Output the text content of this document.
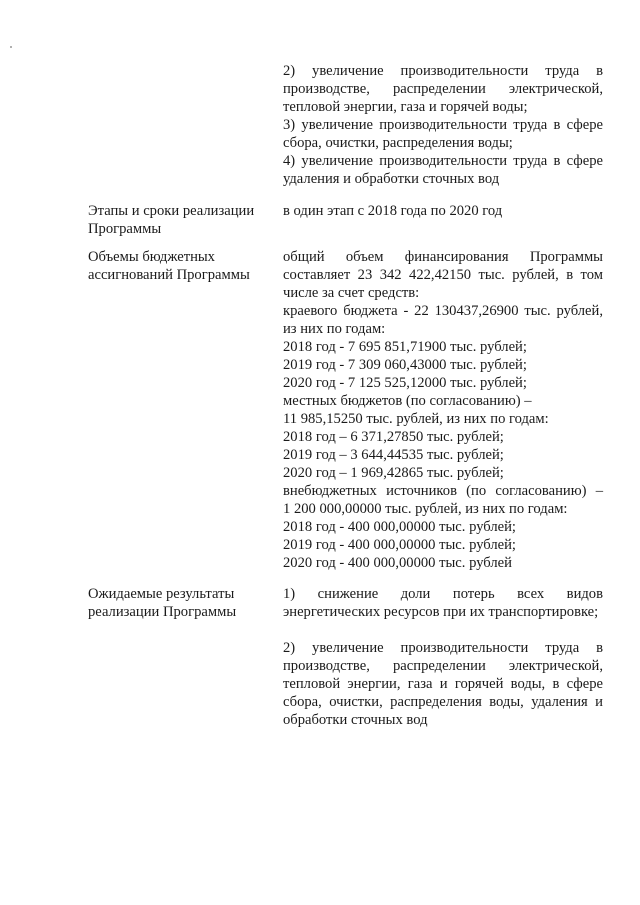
2) увеличение производительности труда в производстве, распределении электрической, тепловой энергии, газа и горячей воды;

3) увеличение производительности труда в сфере сбора, очистки, распределения воды;

4) увеличение производительности труда в сфере удаления и обработки сточных вод

Этапы и сроки реализации Программы
в один этап с 2018 года по 2020 год
Объемы бюджетных ассигнований Программы
общий объем финансирования Программы
составляет 23 342 422,42150 тыс. рублей, в том
числе за счет средств:
краевого бюджета - 22 130437,26900 тыс. рублей,
из них по годам:
2018 год - 7 695 851,71900 тыс. рублей;
2019 год - 7 309 060,43000 тыс. рублей;
2020 год - 7 125 525,12000 тыс. рублей;
местных бюджетов (по согласованию) –
11 985,15250 тыс. рублей, из них по годам:
2018 год – 6 371,27850 тыс. рублей;
2019 год – 3 644,44535 тыс. рублей;
2020 год – 1 969,42865 тыс. рублей;
внебюджетных источников (по согласованию) –
1 200 000,00000 тыс. рублей, из них по годам:
2018 год - 400 000,00000 тыс. рублей;
2019 год - 400 000,00000 тыс. рублей;
2020 год - 400 000,00000 тыс. рублей
Ожидаемые результаты реализации Программы

1) снижение доли потерь всех видов энергетических ресурсов при их транспортировке;

2) увеличение производительности труда в производстве, распределении электрической, тепловой энергии, газа и горячей воды, в сфере сбора, очистки, распределения воды, удаления и обработки сточных вод
